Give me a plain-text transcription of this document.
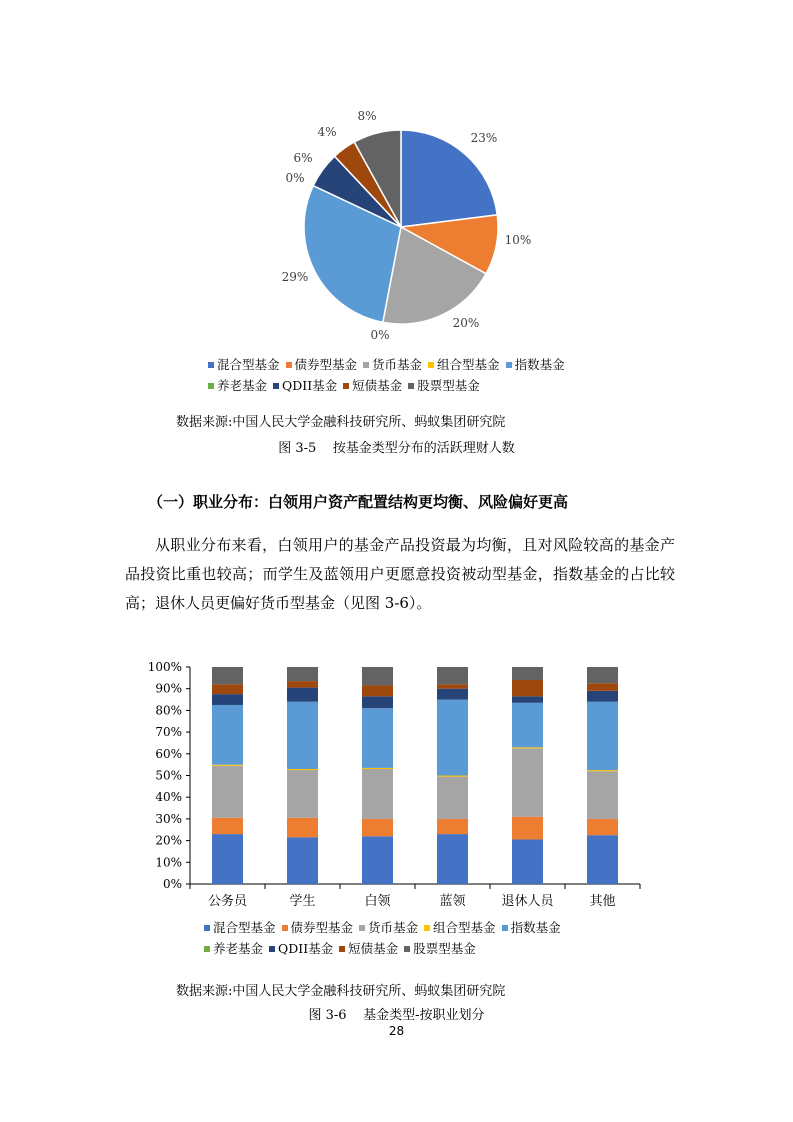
23%
10%
20%
0%
29%
0%
6%
4%
8%
混合型基金 债券型基金 货币基金 组合型基金 指数基金
养老基金 QDII基金 短债基金 股票型基金
数据来源:中国人民大学金融科技研究所、蚂蚁集团研究院
图 3-5    按基金类型分布的活跃理财人数
（一）职业分布：白领用户资产配置结构更均衡、风险偏好更高
从职业分布来看，白领用户的基金产品投资最为均衡，且对风险较高的基金产品投资比重也较高；而学生及蓝领用户更愿意投资被动型基金，指数基金的占比较高；退休人员更偏好货币型基金（见图 3-6）。
0%
10%
20%
30%
40%
50%
60%
70%
80%
90%
100%
公务员	学生	白领	蓝领	退休人员	其他
混合型基金 债券型基金 货币基金 组合型基金 指数基金
养老基金 QDII基金 短债基金 股票型基金
数据来源:中国人民大学金融科技研究所、蚂蚁集团研究院
图 3-6    基金类型-按职业划分
28
